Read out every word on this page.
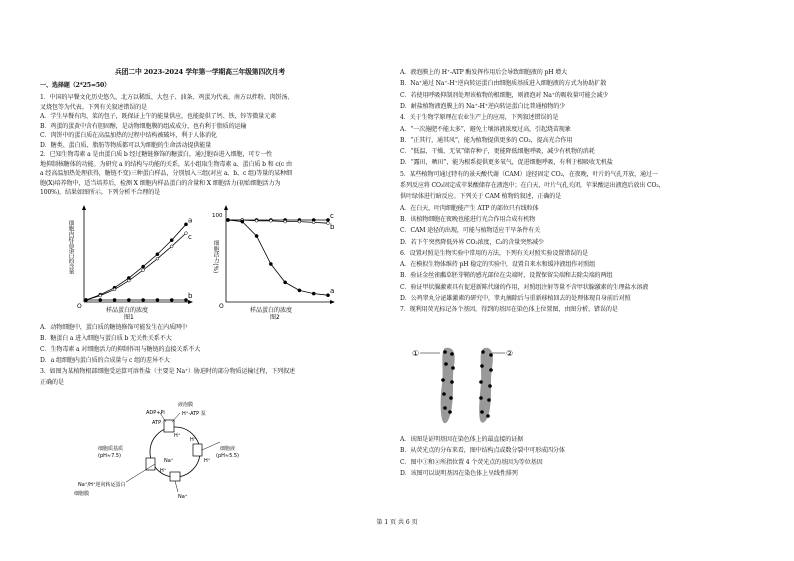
兵团二中 2023-2024 学年第一学期高三年级第四次月考
一、选择题（2*25=50）
1．中国的早餐文化历史悠久，北方以稀饭、大包子、油条、鸡蛋为代表，南方以拌粉、肉饼汤、
叉烧包等为代表。下列有关叙述错误的是
A．学生早餐有肉、菜的包子，既保证上午的能量供应，也能提供了钙、铁、锌等微量元素
B．鸡蛋的蛋黄中含有胆固醇，是动物细胞膜的组成成分，也有利于脂质的运输
C．肉饼中的蛋白质在高温加热的过程中结构被破坏，利于人体消化
D．糖类、蛋白质、脂肪等物质都可以为细胞的生命活动提供能量
2．已知生物毒素 a 是由蛋白质 b 经过糖链修饰的糖蛋白，通过胞吞进入细胞，可专一性
地抑制核糖体的功能。为研究 a 的结构与功能的关系，某小组取生物毒素 a、蛋白质 b 和 c(c 由
a 经高温加热处理获得，糖链不变)三种蛋白样品，分别加入三组(对应 a、b、c 组)等量的某种细
胞(X)培养物中，适当培养后，检测 X 细胞内样品蛋白的含量和 X 细胞活力(初始细胞活力为
100%)，结果如图所示。下列分析不合理的是
O
细胞内样品蛋白的含量
样品蛋白的浓度
图1
a
c
b
O
100
细胞活力(%)
样品蛋白的浓度
图2
c
b
a
A．动物细胞中，蛋白质的糖链修饰可能发生在内质网中
B．糖蛋白 a 进入细胞与蛋白质 b 无关性关系不大
C．生物毒素 a 对细胞活力的抑制作用与糖链的直接关系不大
D．a 组细胞内蛋白质的合成量与 c 组的差异不大
3．如图为某植物根部细胞受运算可溶性盐（主要是 Na⁺）胁迫时的部分物质运输过程，下列叙述
正确的是
液泡膜
ADP+Pi
ATP
H⁺-ATP 泵
H⁺
H⁺
H⁺
H⁺
Na⁺
Na⁺
细胞质基质
(pH≈7.5)
细胞液
(pH≈5.5)
Na⁺/H⁺逆向转运蛋白
细胞膜
A．液泡膜上的 H⁺-ATP 酶发挥作用后会导致细胞液的 pH 增大
B．Na⁺通过 Na⁺-H⁺逆向转运蛋白由细胞质基质进入细胞液的方式为协助扩散
C．若使用呼吸抑制剂处理该植物的根细胞，则液泡对 Na⁺的吸收量可能会减少
D．耐盐植物液泡膜上的 Na⁺-H⁺逆向转运蛋白比普通植物的少
4．关于生物学原理在农业生产上的应用，下列叙述错误的是
A．“一次施肥不能太多”，避免土壤溶液浓度过高，引起烧苗现象
B．“正其行，通其风”，能为植物提供更多的 CO₂，提高光合作用
C．“低温、干燥、无氧”储存种子，更能降低细胞呼吸，减少有机物的消耗
D．“露田，晒田”，能为根系提供更多氧气，促进细胞呼吸，有利于根吸收无机盐
5．某些植物可通过特有的景天酸代谢（CAM）途径固定 CO₂，在夜晚，叶片的气孔开放，通过一
系列反应将 CO₂固定成苹果酸储存在液泡中；在白天，叶片气孔关闭，苹果酸运出液泡后放出 CO₂，
供叶绿体进行暗反应。下列关于 CAM 植物的叙述，正确的是
A．在白天，叶肉细胞能产生 ATP 的部位只有线粒体
B．该植物细胞在夜晚也能进行光合作用合成有机物
C．CAM 途径的出现，可能与植物适应干旱条件有关
D．若下午突然降低外界 CO₂浓度，C₃的含量突然减少
6．设置对照是生物实验中常用的方法，下列有关对照实验设置错误的是
A．在模拟生物体维持 pH 稳定的实验中，设置自来水和缓冲液组作对照组
B．验证金丝雀虉草胚芽鞘的感光部位在尖端时，设置保留尖端和去除尖端的两组
C．验证甲状腺激素具有促进新陈代谢的作用，对照组注射等量不含甲状腺激素的生理盐水溶液
D．公鸡睾丸分泌雄激素的研究中，睾丸摘除后与重新移植回去的处理体现自身前后对照
7．现利用荧光标记各个基因，得到的基因在染色体上位置图，由图分析，错误的是
①	②
A．该图是证明基因在染色体上的最直接的证据
B．从荧光点的分布来看，图中结构点或数分裂中可形成四分体
C．图中①和②所指位置 4 个荧光点的基因为等位基因
D．该图可以说明基因在染色体上呈线性排列
第 1 页 共 6 页
